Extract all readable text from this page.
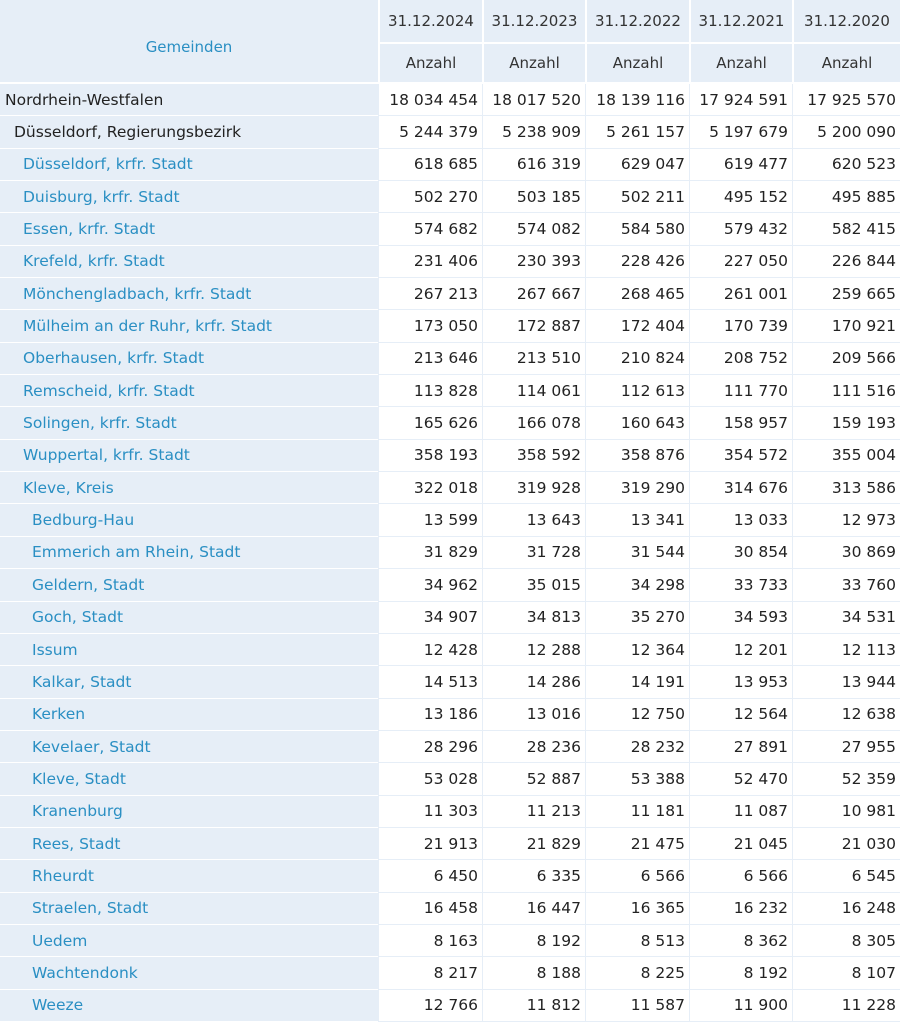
Gemeinden	31.12.2024	31.12.2023	31.12.2022	31.12.2021	31.12.2020
	Anzahl	Anzahl	Anzahl	Anzahl	Anzahl
Nordrhein-Westfalen	18 034 454	18 017 520	18 139 116	17 924 591	17 925 570
Düsseldorf, Regierungsbezirk	5 244 379	5 238 909	5 261 157	5 197 679	5 200 090
Düsseldorf, krfr. Stadt	618 685	616 319	629 047	619 477	620 523
Duisburg, krfr. Stadt	502 270	503 185	502 211	495 152	495 885
Essen, krfr. Stadt	574 682	574 082	584 580	579 432	582 415
Krefeld, krfr. Stadt	231 406	230 393	228 426	227 050	226 844
Mönchengladbach, krfr. Stadt	267 213	267 667	268 465	261 001	259 665
Mülheim an der Ruhr, krfr. Stadt	173 050	172 887	172 404	170 739	170 921
Oberhausen, krfr. Stadt	213 646	213 510	210 824	208 752	209 566
Remscheid, krfr. Stadt	113 828	114 061	112 613	111 770	111 516
Solingen, krfr. Stadt	165 626	166 078	160 643	158 957	159 193
Wuppertal, krfr. Stadt	358 193	358 592	358 876	354 572	355 004
Kleve, Kreis	322 018	319 928	319 290	314 676	313 586
Bedburg-Hau	13 599	13 643	13 341	13 033	12 973
Emmerich am Rhein, Stadt	31 829	31 728	31 544	30 854	30 869
Geldern, Stadt	34 962	35 015	34 298	33 733	33 760
Goch, Stadt	34 907	34 813	35 270	34 593	34 531
Issum	12 428	12 288	12 364	12 201	12 113
Kalkar, Stadt	14 513	14 286	14 191	13 953	13 944
Kerken	13 186	13 016	12 750	12 564	12 638
Kevelaer, Stadt	28 296	28 236	28 232	27 891	27 955
Kleve, Stadt	53 028	52 887	53 388	52 470	52 359
Kranenburg	11 303	11 213	11 181	11 087	10 981
Rees, Stadt	21 913	21 829	21 475	21 045	21 030
Rheurdt	6 450	6 335	6 566	6 566	6 545
Straelen, Stadt	16 458	16 447	16 365	16 232	16 248
Uedem	8 163	8 192	8 513	8 362	8 305
Wachtendonk	8 217	8 188	8 225	8 192	8 107
Weeze	12 766	11 812	11 587	11 900	11 228
